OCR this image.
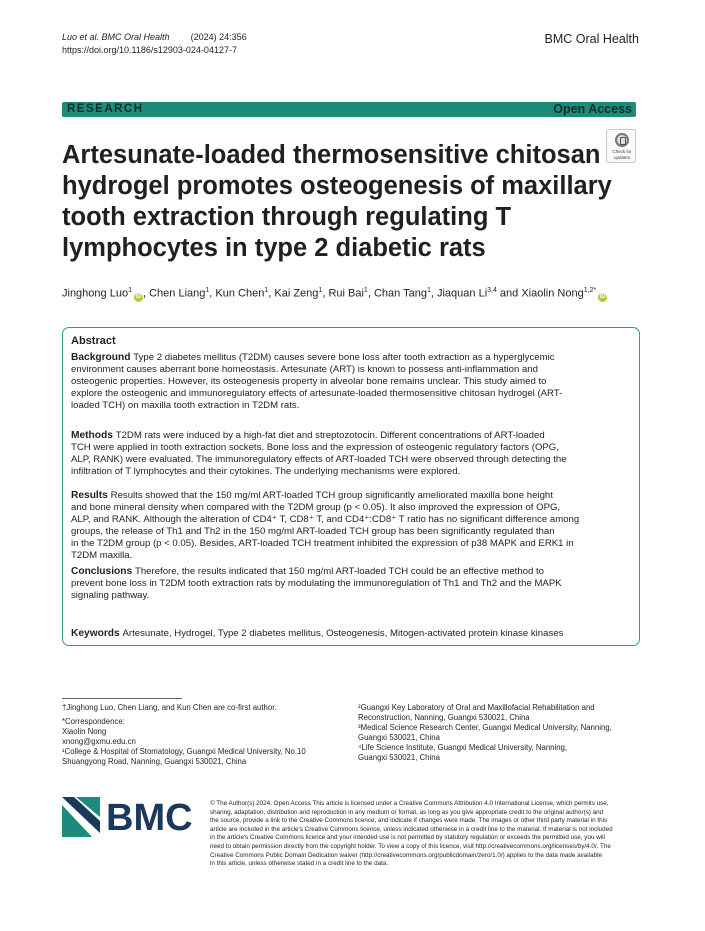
Luo et al. BMC Oral Health (2024) 24:356
https://doi.org/10.1186/s12903-024-04127-7
BMC Oral Health
RESEARCH	Open Access
Check for updates
Artesunate-loaded thermosensitive chitosan
hydrogel promotes osteogenesis of maxillary
tooth extraction through regulating T
lymphocytes in type 2 diabetic rats
Jinghong Luo$^1$iD , Chen Liang$^1$, Kun Chen$^1$, Kai Zeng$^1$, Rui Bai$^1$, Chan Tang$^1$, Jiaquan Li$^{3,4}$ and Xiaolin Nong$^{1,2*}$iD
Abstract
Background Type 2 diabetes mellitus (T2DM) causes severe bone loss after tooth extraction as a hyperglycemic
environment causes aberrant bone homeostasis. Artesunate (ART) is known to possess anti-inflammation and
osteogenic properties. However, its osteogenesis property in alveolar bone remains unclear. This study aimed to
explore the osteogenic and immunoregulatory effects of artesunate-loaded thermosensitive chitosan hydrogel (ART-
loaded TCH) on maxilla tooth extraction in T2DM rats.
Methods T2DM rats were induced by a high-fat diet and streptozotocin. Different concentrations of ART-loaded
TCH were applied in tooth extraction sockets. Bone loss and the expression of osteogenic regulatory factors (OPG,
ALP, RANK) were evaluated. The immunoregulatory effects of ART-loaded TCH were observed through detecting the
infiltration of T lymphocytes and their cytokines. The underlying mechanisms were explored.
Results Results showed that the 150 mg/ml ART-loaded TCH group significantly ameliorated maxilla bone height
and bone mineral density when compared with the T2DM group (p < 0.05). It also improved the expression of OPG,
ALP, and RANK. Although the alteration of CD4⁺ T, CD8⁺ T, and CD4⁺:CD8⁺ T ratio has no significant difference among
groups, the release of Th1 and Th2 in the 150 mg/ml ART-loaded TCH group has been significantly regulated than
in the T2DM group (p < 0.05). Besides, ART-loaded TCH treatment inhibited the expression of p38 MAPK and ERK1 in
T2DM maxilla.
Conclusions Therefore, the results indicated that 150 mg/ml ART-loaded TCH could be an effective method to
prevent bone loss in T2DM tooth extraction rats by modulating the immunoregulation of Th1 and Th2 and the MAPK
signaling pathway.
Keywords Artesunate, Hydrogel, Type 2 diabetes mellitus, Osteogenesis, Mitogen-activated protein kinase kinases
†Jinghong Luo, Chen Liang, and Kun Chen are co-first author.

*Correspondence:
Xiaolin Nong
xnong@gxmu.edu.cn
¹College & Hospital of Stomatology, Guangxi Medical University, No.10
Shuangyong Road, Nanning, Guangxi 530021, China
²Guangxi Key Laboratory of Oral and Maxillofacial Rehabilitation and
Reconstruction, Nanning, Guangxi 530021, China
³Medical Science Research Center, Guangxi Medical University, Nanning,
Guangxi 530021, China
⁴Life Science Institute, Guangxi Medical University, Nanning,
Guangxi 530021, China
BMC	© The Author(s) 2024. Open Access This article is licensed under a Creative Commons Attribution 4.0 International License, which permits use,
sharing, adaptation, distribution and reproduction in any medium or format, as long as you give appropriate credit to the original author(s) and
the source, provide a link to the Creative Commons licence, and indicate if changes were made. The images or other third party material in this
article are included in the article's Creative Commons licence, unless indicated otherwise in a credit line to the material. If material is not included
in the article's Creative Commons licence and your intended use is not permitted by statutory regulation or exceeds the permitted use, you will
need to obtain permission directly from the copyright holder. To view a copy of this licence, visit http://creativecommons.org/licenses/by/4.0/. The
Creative Commons Public Domain Dedication waiver (http://creativecommons.org/publicdomain/zero/1.0/) applies to the data made available
in this article, unless otherwise stated in a credit line to the data.
